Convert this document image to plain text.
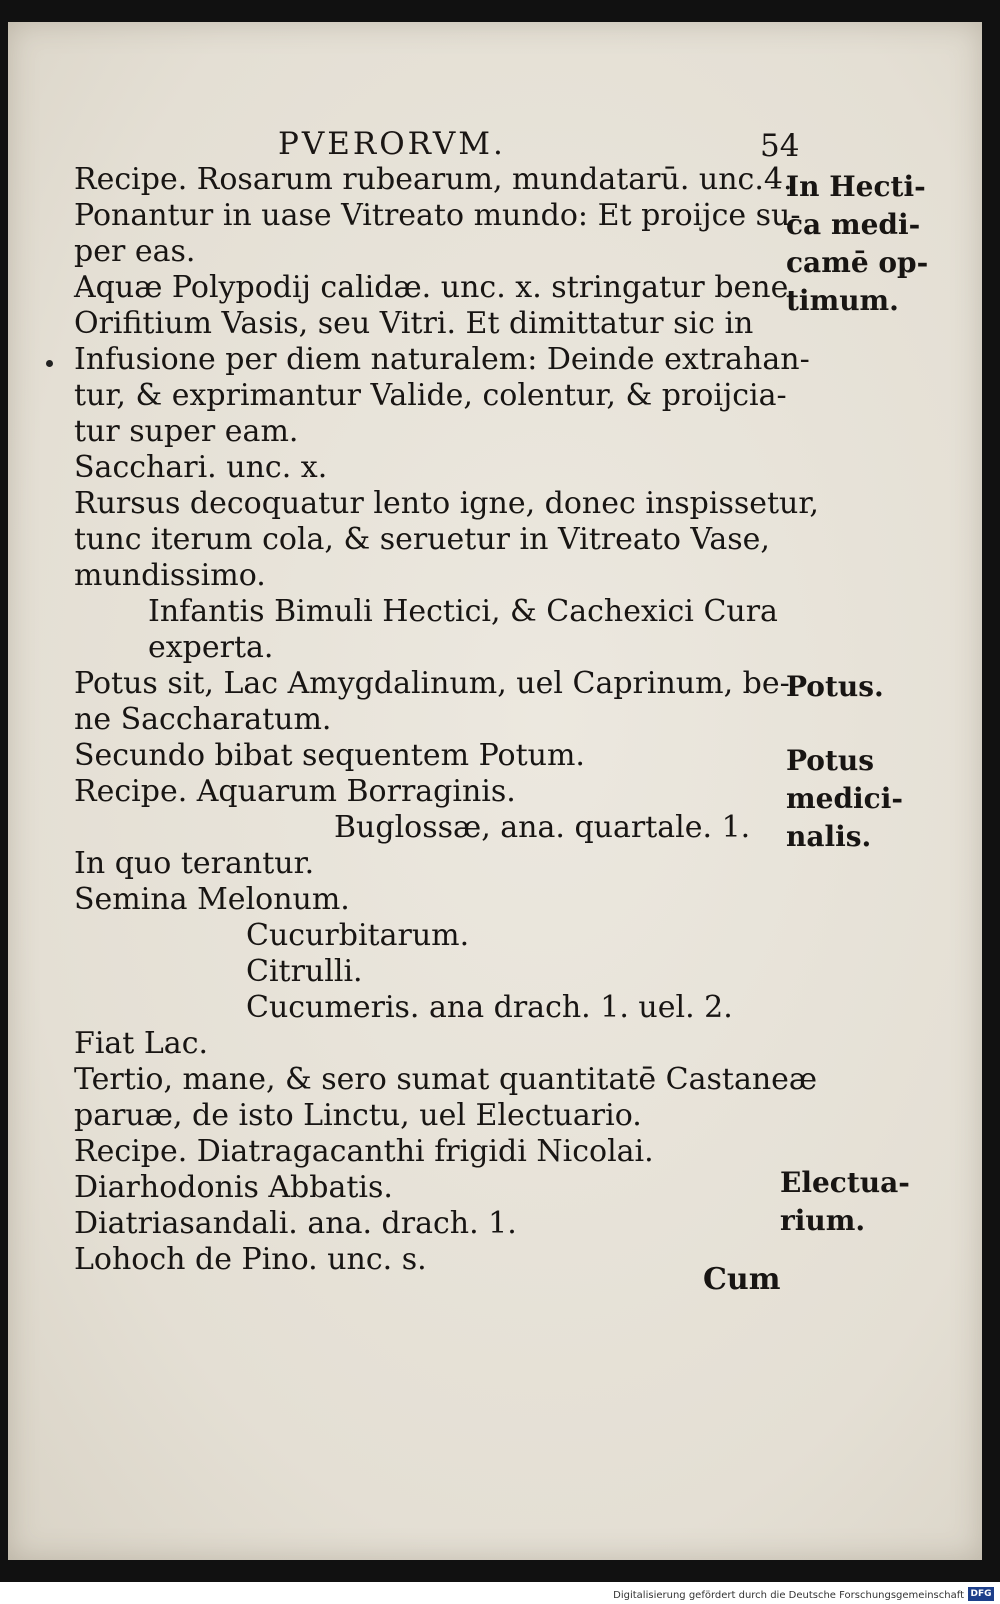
PVERORVM.	54
Recipe. Rosarum rubearum, mundatarū. unc.4.
Ponantur in uase Vitreato mundo: Et proijce su-
per eas.
Aquæ Polypodij calidæ. unc. x. stringatur bene
Orifitium Vasis, seu Vitri. Et dimittatur sic in
Infusione per diem naturalem: Deinde extrahan-
tur, & exprimantur Valide, colentur, & proijcia-
tur super eam.
Sacchari. unc. x.
Rursus decoquatur lento igne, donec inspissetur,
tunc iterum cola, & seruetur in Vitreato Vase,
mundissimo.
Infantis Bimuli Hectici, & Cachexici Cura
experta.
Potus sit, Lac Amygdalinum, uel Caprinum, be-
ne Saccharatum.
Secundo bibat sequentem Potum.
Recipe. Aquarum Borraginis.
Buglossæ, ana. quartale. 1.
In quo terantur.
Semina Melonum.
Cucurbitarum.
Citrulli.
Cucumeris. ana drach. 1. uel. 2.
Fiat Lac.
Tertio, mane, & sero sumat quantitatē Castaneæ
paruæ, de isto Linctu, uel Electuario.
Recipe. Diatragacanthi frigidi Nicolai.
Diarhodonis Abbatis.
Diatriasandali. ana. drach. 1.
Lohoch de Pino. unc. s.
In Hecti-
ca medi-
camē op-
timum.
Potus.
Potus
medici-
nalis.
Electua-
rium.
Cum
Digitalisierung gefördert durch die Deutsche Forschungsgemeinschaft DFG
